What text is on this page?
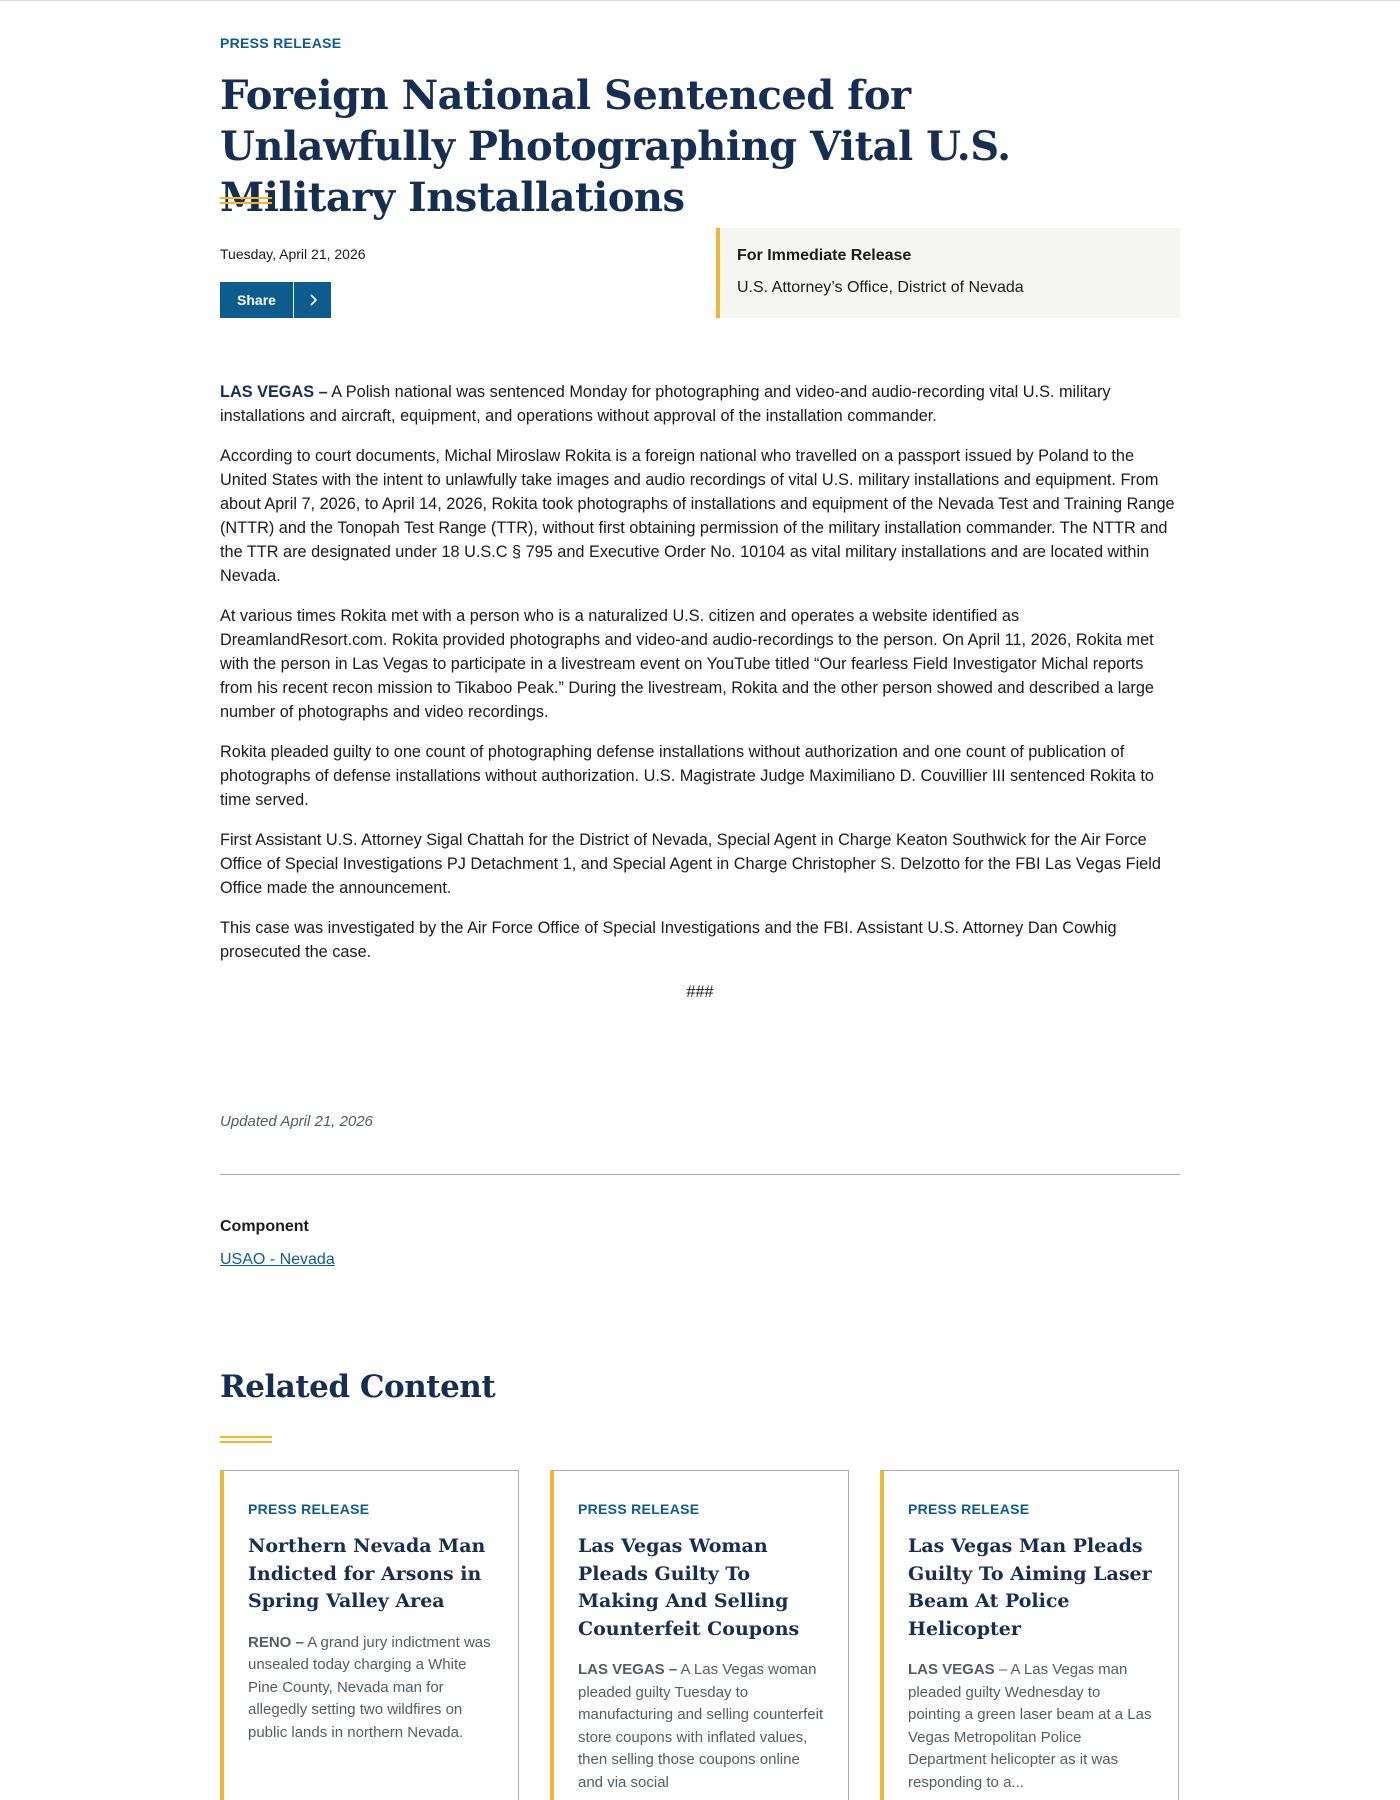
PRESS RELEASE
Foreign National Sentenced for Unlawfully Photographing Vital U.S. Military Installations
Tuesday, April 21, 2026
Share
For Immediate Release
U.S. Attorney’s Office, District of Nevada

LAS VEGAS – A Polish national was sentenced Monday for photographing and video-and audio-recording vital U.S. military installations and aircraft, equipment, and operations without approval of the installation commander.

According to court documents, Michal Miroslaw Rokita is a foreign national who travelled on a passport issued by Poland to the United States with the intent to unlawfully take images and audio recordings of vital U.S. military installations and equipment. From about April 7, 2026, to April 14, 2026, Rokita took photographs of installations and equipment of the Nevada Test and Training Range (NTTR) and the Tonopah Test Range (TTR), without first obtaining permission of the military installation commander. The NTTR and the TTR are designated under 18 U.S.C § 795 and Executive Order No. 10104 as vital military installations and are located within Nevada.

At various times Rokita met with a person who is a naturalized U.S. citizen and operates a website identified as DreamlandResort.com. Rokita provided photographs and video-and audio-recordings to the person. On April 11, 2026, Rokita met with the person in Las Vegas to participate in a livestream event on YouTube titled “Our fearless Field Investigator Michal reports from his recent recon mission to Tikaboo Peak.” During the livestream, Rokita and the other person showed and described a large number of photographs and video recordings.

Rokita pleaded guilty to one count of photographing defense installations without authorization and one count of publication of photographs of defense installations without authorization. U.S. Magistrate Judge Maximiliano D. Couvillier III sentenced Rokita to time served.

First Assistant U.S. Attorney Sigal Chattah for the District of Nevada, Special Agent in Charge Keaton Southwick for the Air Force Office of Special Investigations PJ Detachment 1, and Special Agent in Charge Christopher S. Delzotto for the FBI Las Vegas Field Office made the announcement.

This case was investigated by the Air Force Office of Special Investigations and the FBI. Assistant U.S. Attorney Dan Cowhig prosecuted the case.

###

Updated April 21, 2026
Component
USAO - Nevada
Related Content
PRESS RELEASE
Northern Nevada Man Indicted for Arsons in Spring Valley Area
RENO – A grand jury indictment was unsealed today charging a White Pine County, Nevada man for allegedly setting two wildfires on public lands in northern Nevada.
PRESS RELEASE
Las Vegas Woman Pleads Guilty To Making And Selling Counterfeit Coupons
LAS VEGAS – A Las Vegas woman pleaded guilty Tuesday to manufacturing and selling counterfeit store coupons with inflated values, then selling those coupons online and via social
PRESS RELEASE
Las Vegas Man Pleads Guilty To Aiming Laser Beam At Police Helicopter
LAS VEGAS – A Las Vegas man pleaded guilty Wednesday to pointing a green laser beam at a Las Vegas Metropolitan Police Department helicopter as it was responding to a...
